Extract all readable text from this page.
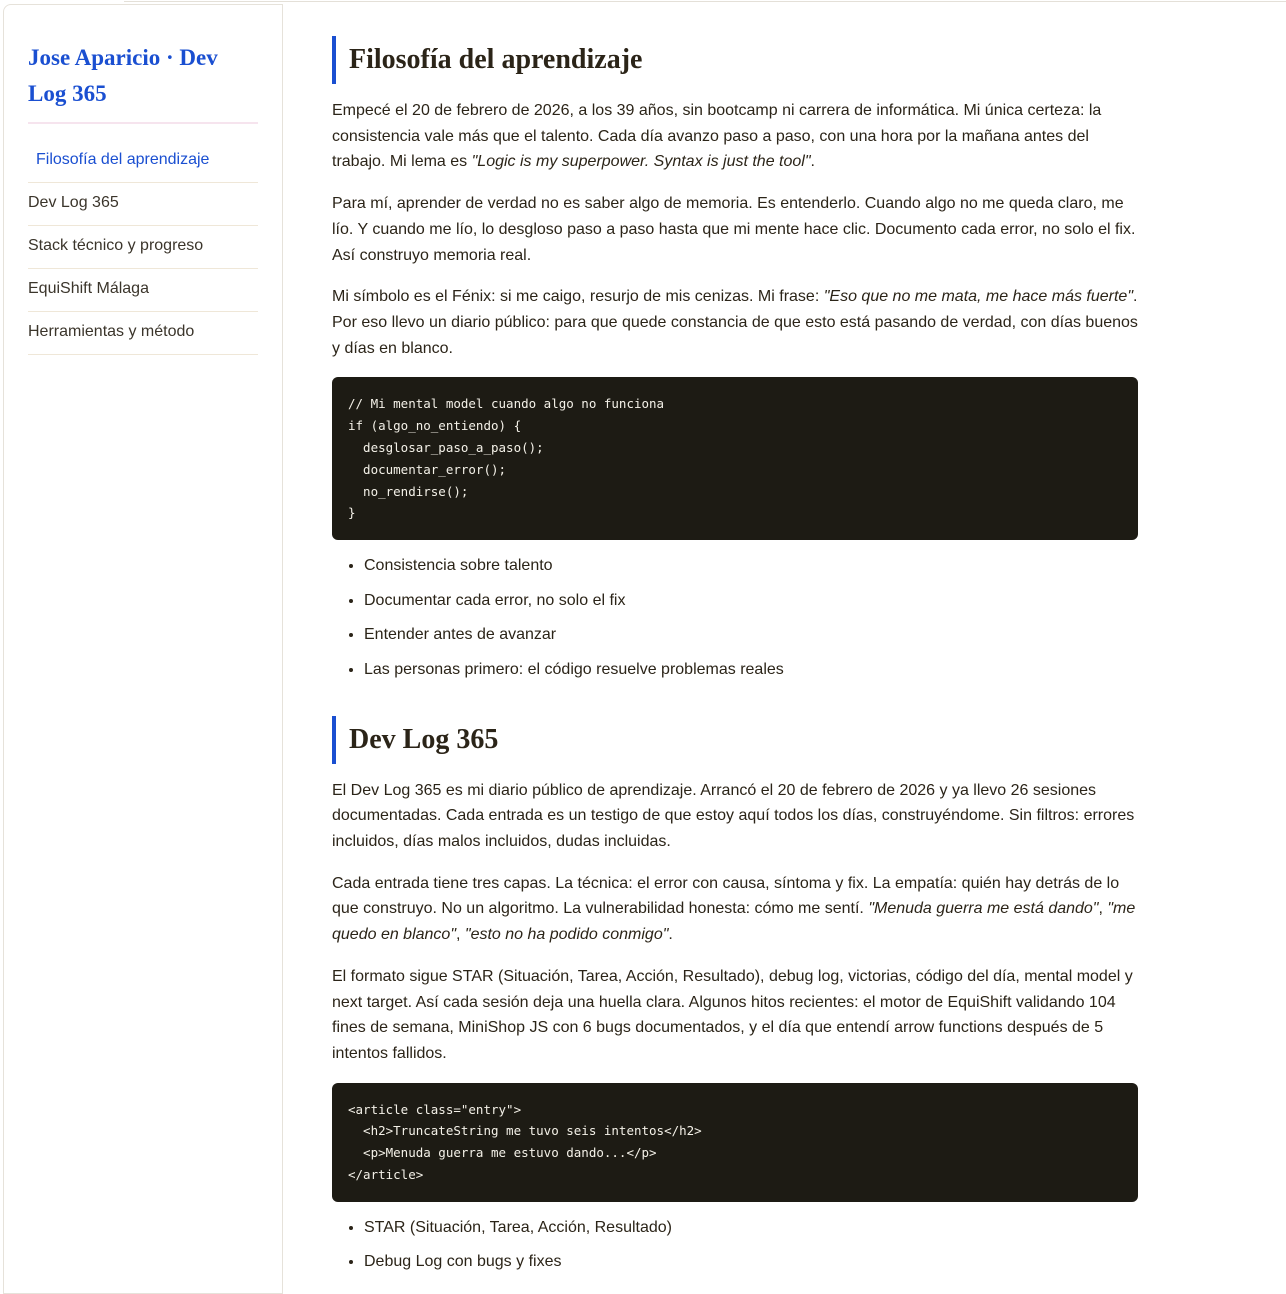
Jose Aparicio · Dev Log 365
Filosofía del aprendizaje
Dev Log 365
Stack técnico y progreso
EquiShift Málaga
Herramientas y método
Filosofía del aprendizaje

Empecé el 20 de febrero de 2026, a los 39 años, sin bootcamp ni carrera de informática. Mi única certeza: la consistencia vale más que el talento. Cada día avanzo paso a paso, con una hora por la mañana antes del trabajo. Mi lema es "Logic is my superpower. Syntax is just the tool".

Para mí, aprender de verdad no es saber algo de memoria. Es entenderlo. Cuando algo no me queda claro, me lío. Y cuando me lío, lo desgloso paso a paso hasta que mi mente hace clic. Documento cada error, no solo el fix. Así construyo memoria real.

Mi símbolo es el Fénix: si me caigo, resurjo de mis cenizas. Mi frase: "Eso que no me mata, me hace más fuerte". Por eso llevo un diario público: para que quede constancia de que esto está pasando de verdad, con días buenos y días en blanco.

// Mi mental model cuando algo no funciona
if (algo_no_entiendo) {
desglosar_paso_a_paso();
documentar_error();
no_rendirse();
}
• Consistencia sobre talento
• Documentar cada error, no solo el fix
• Entender antes de avanzar
• Las personas primero: el código resuelve problemas reales
Dev Log 365

El Dev Log 365 es mi diario público de aprendizaje. Arrancó el 20 de febrero de 2026 y ya llevo 26 sesiones documentadas. Cada entrada es un testigo de que estoy aquí todos los días, construyéndome. Sin filtros: errores incluidos, días malos incluidos, dudas incluidas.

Cada entrada tiene tres capas. La técnica: el error con causa, síntoma y fix. La empatía: quién hay detrás de lo que construyo. No un algoritmo. La vulnerabilidad honesta: cómo me sentí. "Menuda guerra me está dando", "me quedo en blanco", "esto no ha podido conmigo".

El formato sigue STAR (Situación, Tarea, Acción, Resultado), debug log, victorias, código del día, mental model y next target. Así cada sesión deja una huella clara. Algunos hitos recientes: el motor de EquiShift validando 104 fines de semana, MiniShop JS con 6 bugs documentados, y el día que entendí arrow functions después de 5 intentos fallidos.

<article class="entry">
<h2>TruncateString me tuvo seis intentos</h2>
<p>Menuda guerra me estuvo dando...</p>
</article>
• STAR (Situación, Tarea, Acción, Resultado)
• Debug Log con bugs y fixes
